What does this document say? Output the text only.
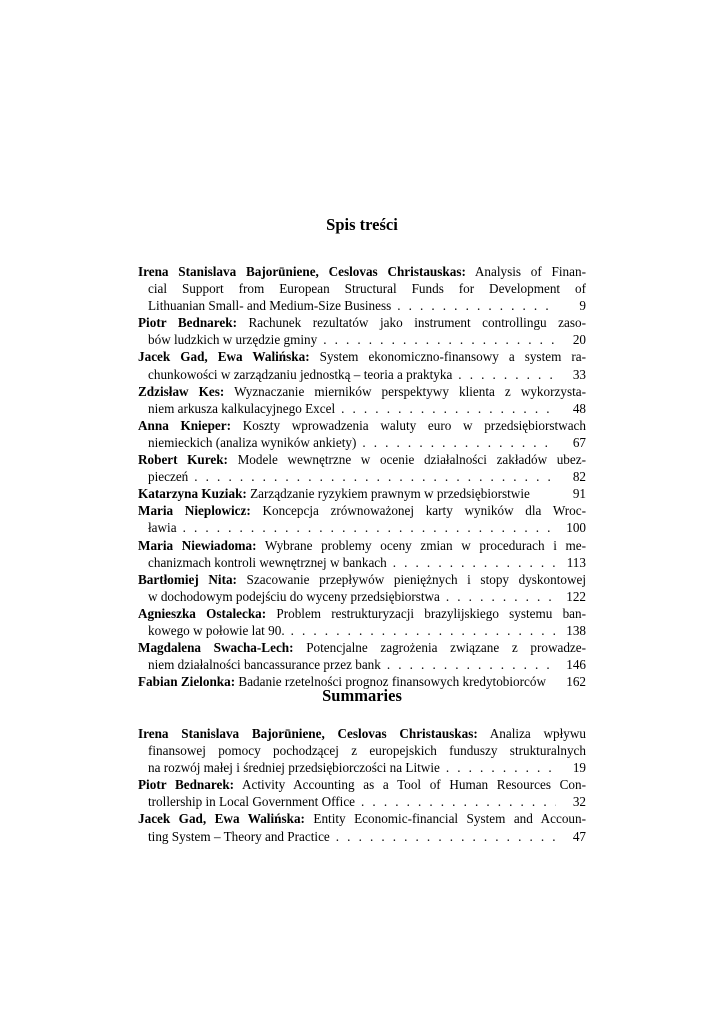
Spis treści
Irena Stanislava Bajorūniene, Ceslovas Christauskas: Analysis of Finan-
cial Support from European Structural Funds for Development of
Lithuanian Small- and Medium-Size Business . . .	9
Piotr Bednarek: Rachunek rezultatów jako instrument controllingu zaso-
bów ludzkich w urzędzie gminy . . .	20
Jacek Gad, Ewa Walińska: System ekonomiczno-finansowy a system ra-
chunkowości w zarządzaniu jednostką – teoria a praktyka . . .	33
Zdzisław Kes: Wyznaczanie mierników perspektywy klienta z wykorzysta-
niem arkusza kalkulacyjnego Excel . . .	48
Anna Knieper: Koszty wprowadzenia waluty euro w przedsiębiorstwach
niemieckich (analiza wyników ankiety) . . .	67
Robert Kurek: Modele wewnętrzne w ocenie działalności zakładów ubez-
pieczeń . . .	82
Katarzyna Kuziak: Zarządzanie ryzykiem prawnym w przedsiębiorstwie	91
Maria Nieplowicz: Koncepcja zrównoważonej karty wyników dla Wroc-
ławia . . .	100
Maria Niewiadoma: Wybrane problemy oceny zmian w procedurach i me-
chanizmach kontroli wewnętrznej w bankach . . .	113
Bartłomiej Nita: Szacowanie przepływów pieniężnych i stopy dyskontowej
w dochodowym podejściu do wyceny przedsiębiorstwa . . .	122
Agnieszka Ostalecka: Problem restrukturyzacji brazylijskiego systemu ban-
kowego w połowie lat 90. . . .	138
Magdalena Swacha-Lech: Potencjalne zagrożenia związane z prowadze-
niem działalności bancassurance przez bank . . .	146
Fabian Zielonka: Badanie rzetelności prognoz finansowych kredytobiorców	162
Summaries
Irena Stanislava Bajorūniene, Ceslovas Christauskas: Analiza wpływu
finansowej pomocy pochodzącej z europejskich funduszy strukturalnych
na rozwój małej i średniej przedsiębiorczości na Litwie . . .	19
Piotr Bednarek: Activity Accounting as a Tool of Human Resources Con-
trollership in Local Government Office . . .	32
Jacek Gad, Ewa Walińska: Entity Economic-financial System and Accoun-
ting System – Theory and Practice . . .	47
